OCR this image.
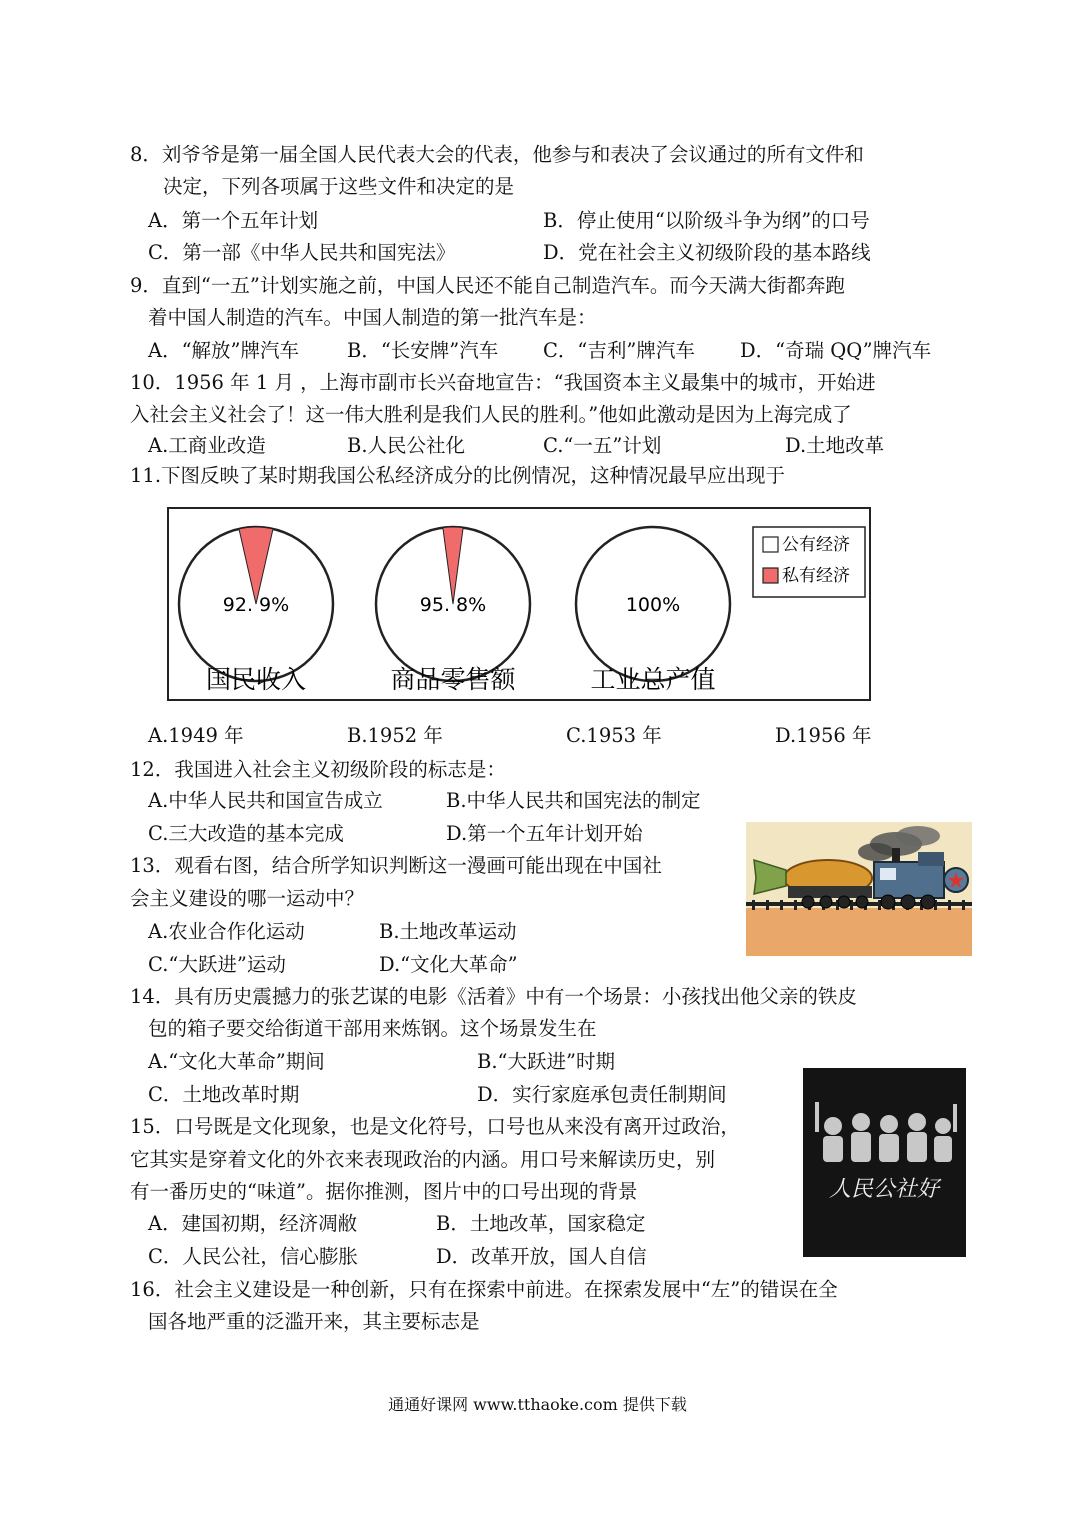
8．刘爷爷是第一届全国人民代表大会的代表，他参与和表决了会议通过的所有文件和
决定，下列各项属于这些文件和决定的是
A．第一个五年计划	B．停止使用“以阶级斗争为纲”的口号
C．第一部《中华人民共和国宪法》	D．党在社会主义初级阶段的基本路线
9．直到“一五”计划实施之前，中国人民还不能自己制造汽车。而今天满大街都奔跑
着中国人制造的汽车。中国人制造的第一批汽车是：
A．“解放”牌汽车 B．“长安牌”汽车 C．“吉利”牌汽车 D．“奇瑞 QQ”牌汽车
10．1956 年 1 月 ，上海市副市长兴奋地宣告：“我国资本主义最集中的城市，开始进
入社会主义社会了！这一伟大胜利是我们人民的胜利。”他如此激动是因为上海完成了
A.工商业改造	B.人民公社化	C.“一五”计划	D.土地改革
11.下图反映了某时期我国公私经济成分的比例情况，这种情况最早应出现于
92. 9%
国民收入
95. 8%
商品零售额
100%
工业总产值
公有经济
私有经济
A.1949 年	B.1952 年	C.1953 年	D.1956 年
12．我国进入社会主义初级阶段的标志是：
A.中华人民共和国宣告成立	B.中华人民共和国宪法的制定
C.三大改造的基本完成	D.第一个五年计划开始
13．观看右图，结合所学知识判断这一漫画可能出现在中国社
会主义建设的哪一运动中？
A.农业合作化运动	B.土地改革运动
C.“大跃进”运动	D.“文化大革命”
14．具有历史震撼力的张艺谋的电影《活着》中有一个场景：小孩找出他父亲的铁皮
包的箱子要交给街道干部用来炼钢。这个场景发生在
A.“文化大革命”期间	B.“大跃进”时期
C．土地改革时期	D．实行家庭承包责任制期间
人民公社好
15．口号既是文化现象，也是文化符号，口号也从来没有离开过政治，
它其实是穿着文化的外衣来表现政治的内涵。用口号来解读历史，别
有一番历史的“味道”。据你推测，图片中的口号出现的背景
A．建国初期，经济凋敝	B．土地改革，国家稳定
C．人民公社，信心膨胀	D．改革开放，国人自信
16．社会主义建设是一种创新，只有在探索中前进。在探索发展中“左”的错误在全
国各地严重的泛滥开来，其主要标志是
通通好课网 www.tthaoke.com 提供下载
